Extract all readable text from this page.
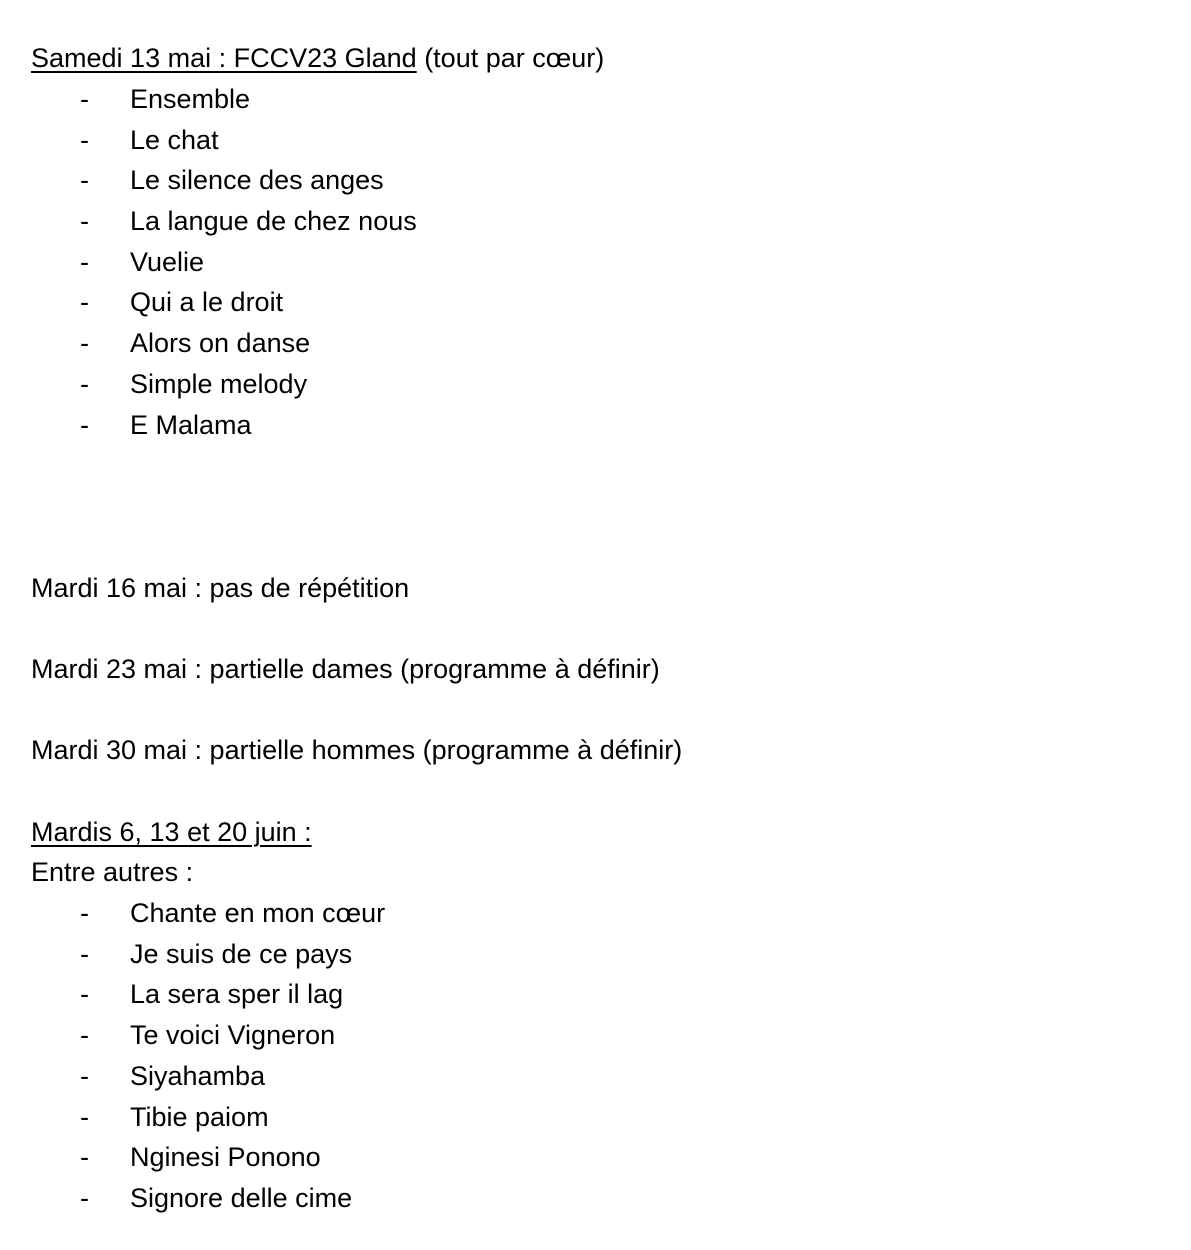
Samedi 13 mai : FCCV23 Gland (tout par cœur)
- Ensemble
- Le chat
- Le silence des anges
- La langue de chez nous
- Vuelie
- Qui a le droit
- Alors on danse
- Simple melody
- E Malama
Mardi 16 mai : pas de répétition
Mardi 23 mai : partielle dames (programme à définir)
Mardi 30 mai : partielle hommes (programme à définir)
Mardis 6, 13 et 20 juin :
Entre autres :
- Chante en mon cœur
- Je suis de ce pays
- La sera sper il lag
- Te voici Vigneron
- Siyahamba
- Tibie paiom
- Nginesi Ponono
- Signore delle cime
